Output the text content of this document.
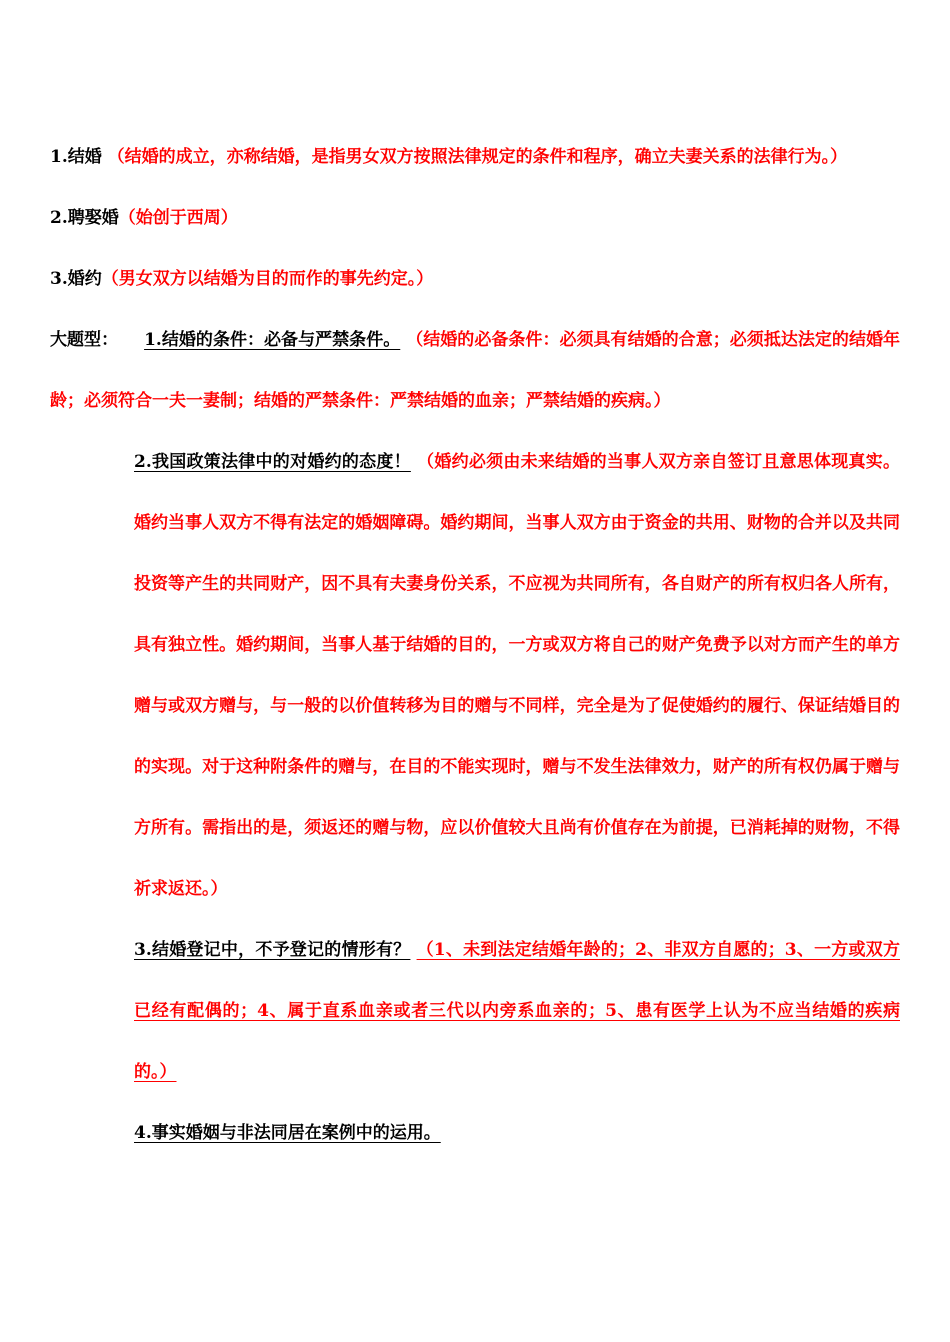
1.结婚 （结婚的成立，亦称结婚，是指男女双方按照法律规定的条件和程序，确立夫妻关系的法律行为。）

2.聘娶婚（始创于西周）

3.婚约（男女双方以结婚为目的而作的事先约定。）

大题型： 1.结婚的条件：必备与严禁条件。 （结婚的必备条件：必须具有结婚的合意；必须抵达法定的结婚年龄；必须符合一夫一妻制；结婚的严禁条件：严禁结婚的血亲；严禁结婚的疾病。）

2.我国政策法律中的对婚约的态度！ （婚约必须由未来结婚的当事人双方亲自签订且意思体现真实。婚约当事人双方不得有法定的婚姻障碍。婚约期间，当事人双方由于资金的共用、财物的合并以及共同投资等产生的共同财产，因不具有夫妻身份关系，不应视为共同所有，各自财产的所有权归各人所有，具有独立性。婚约期间，当事人基于结婚的目的，一方或双方将自己的财产免费予以对方而产生的单方赠与或双方赠与，与一般的以价值转移为目的赠与不同样，完全是为了促使婚约的履行、保证结婚目的的实现。对于这种附条件的赠与，在目的不能实现时，赠与不发生法律效力，财产的所有权仍属于赠与方所有。需指出的是，须返还的赠与物，应以价值较大且尚有价值存在为前提，已消耗掉的财物，不得祈求返还。）

3.结婚登记中，不予登记的情形有？ （1、未到法定结婚年龄的；2、非双方自愿的；3、一方或双方已经有配偶的；4、属于直系血亲或者三代以内旁系血亲的；5、患有医学上认为不应当结婚的疾病的。）

4.事实婚姻与非法同居在案例中的运用。
